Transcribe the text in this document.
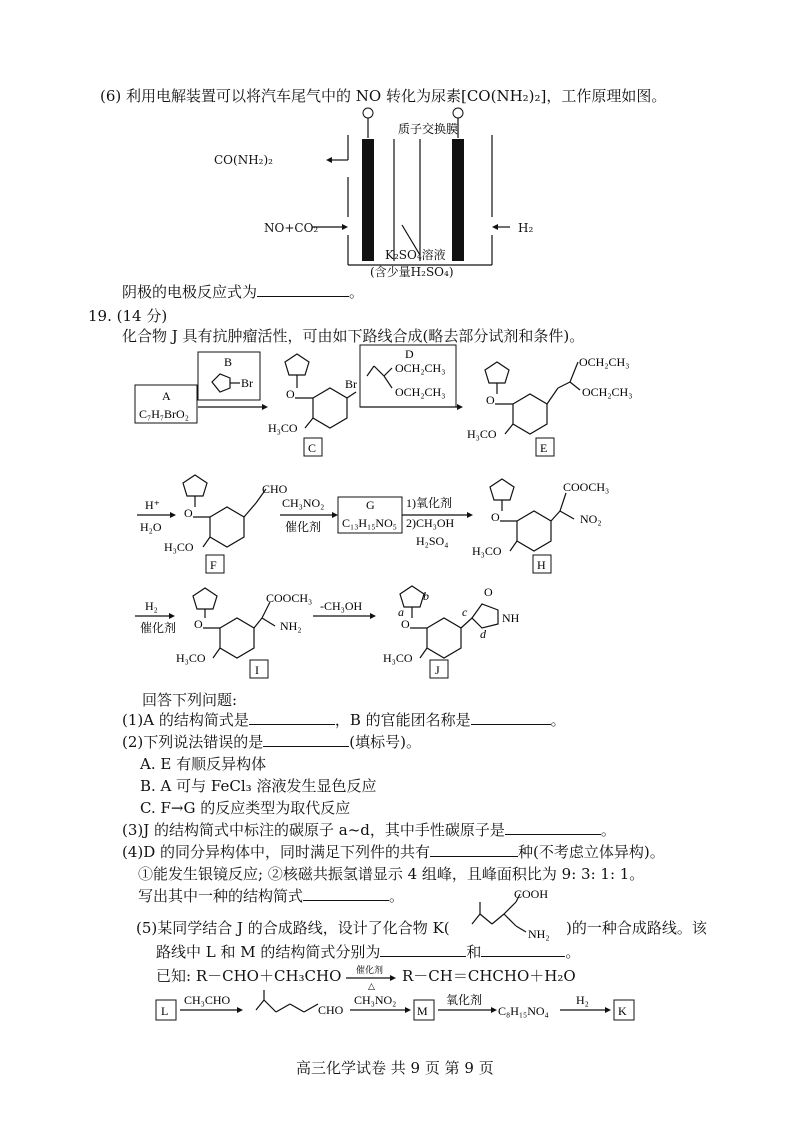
(6) 利用电解装置可以将汽车尾气中的 NO 转化为尿素[CO(NH₂)₂]，工作原理如图。
质子交换膜
CO(NH₂)₂
NO+CO₂	H₂
K₂SO₄溶液
(含少量H₂SO₄)
阴极的电极反应式为	。
19. (14 分)
化合物 J 具有抗肿瘤活性，可由如下路线合成(略去部分试剂和条件)。
A
C₇H₇BrO₂
B
Br
O
Br
H₃CO
C
D
OCH₂CH₃
OCH₂CH₃
O
OCH₂CH₃
OCH₂CH₃
H₃CO
E
H⁺
H₂O
O
CHO
H₃CO
F
CH₃NO₂
催化剂
G
C₁₃H₁₅NO₅
1)氧化剂
2)CH₃OH
H₂SO₄
O
COOCH₃
NO₂
H₃CO
H
H₂
催化剂 O
COOCH₃
NH₂
H₃CO
I
-CH₃OH	a
b
O
O
NH
c
d
H₃CO
J
回答下列问题:
(1)A 的结构简式是	，B 的官能团名称是	。
(2)下列说法错误的是	(填标号)。
A. E 有顺反异构体
B. A 可与 FeCl₃ 溶液发生显色反应
C. F→G 的反应类型为取代反应
(3)J 的结构简式中标注的碳原子 a~d，其中手性碳原子是	。
(4)D 的同分异构体中，同时满足下列件的共有	种(不考虑立体异构)。
①能发生银镜反应; ②核磁共振氢谱显示 4 组峰，且峰面积比为 9: 3: 1: 1。
写出其中一种的结构简式	。
(5)某同学结合 J 的合成路线，设计了化合物 K(
COOH
NH₂ )的一种合成路线。该
路线中 L 和 M 的结构简式分别为	和	。
已知: R－CHO＋CH₃CHO 催化剂
△
R－CH＝CHCHO＋H₂O
L
CH₃CHO
CHO
CH₃NO₂
M
氧化剂
C₈H₁₅NO₄
H₂
K
高三化学试卷 共 9 页 第 9 页
